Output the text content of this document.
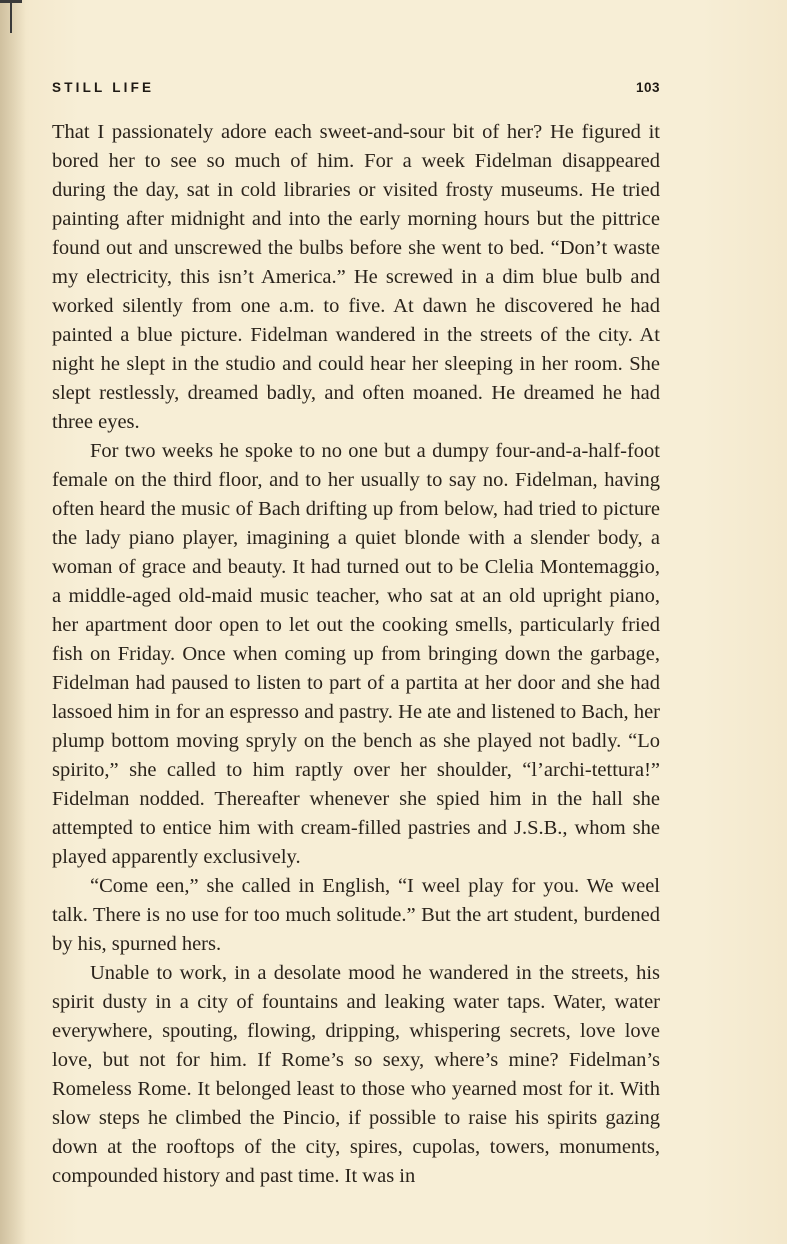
STILL LIFE	103

That I passionately adore each sweet-and-sour bit of her? He figured it bored her to see so much of him. For a week Fidelman disappeared during the day, sat in cold libraries or visited frosty museums. He tried painting after midnight and into the early morning hours but the pittrice found out and unscrewed the bulbs before she went to bed. “Don’t waste my electricity, this isn’t America.” He screwed in a dim blue bulb and worked silently from one a.m. to five. At dawn he discovered he had painted a blue picture. Fidelman wandered in the streets of the city. At night he slept in the studio and could hear her sleeping in her room. She slept restlessly, dreamed badly, and often moaned. He dreamed he had three eyes.

For two weeks he spoke to no one but a dumpy four-and-a-half-foot female on the third floor, and to her usually to say no. Fidelman, having often heard the music of Bach drifting up from below, had tried to picture the lady piano player, imagining a quiet blonde with a slender body, a woman of grace and beauty. It had turned out to be Clelia Montemaggio, a middle-aged old-maid music teacher, who sat at an old upright piano, her apartment door open to let out the cooking smells, particularly fried fish on Friday. Once when coming up from bringing down the garbage, Fidelman had paused to listen to part of a partita at her door and she had lassoed him in for an espresso and pastry. He ate and listened to Bach, her plump bottom moving spryly on the bench as she played not badly. “Lo spirito,” she called to him raptly over her shoulder, “l’archi-tettura!” Fidelman nodded. Thereafter whenever she spied him in the hall she attempted to entice him with cream-filled pastries and J.S.B., whom she played apparently exclusively.

“Come een,” she called in English, “I weel play for you. We weel talk. There is no use for too much solitude.” But the art student, burdened by his, spurned hers.

Unable to work, in a desolate mood he wandered in the streets, his spirit dusty in a city of fountains and leaking water taps. Water, water everywhere, spouting, flowing, dripping, whispering secrets, love love love, but not for him. If Rome’s so sexy, where’s mine? Fidelman’s Romeless Rome. It belonged least to those who yearned most for it. With slow steps he climbed the Pincio, if possible to raise his spirits gazing down at the rooftops of the city, spires, cupolas, towers, monuments, compounded history and past time. It was in
